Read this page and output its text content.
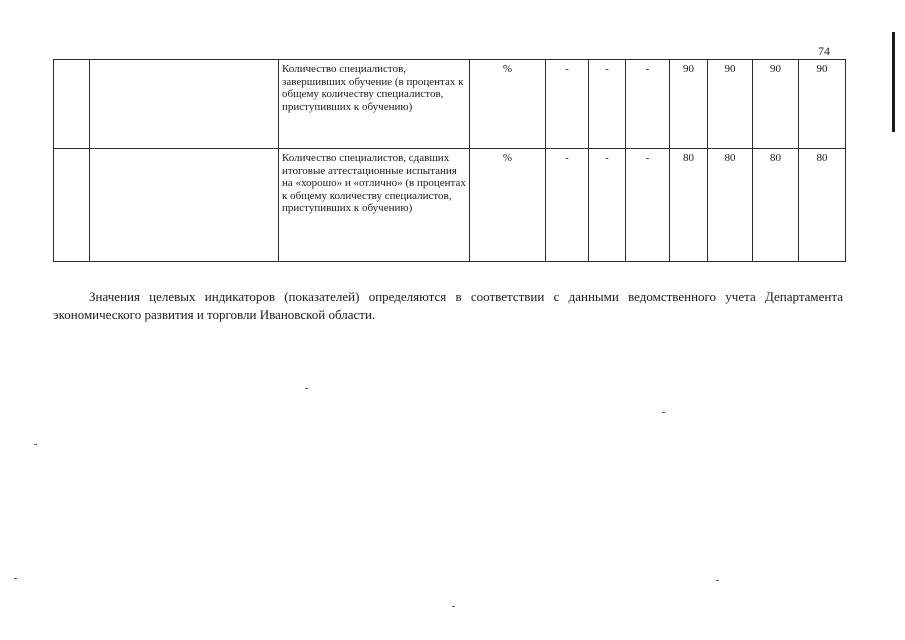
74
		Количество специалистов, завершивших обучение (в процентах к общему количеству специалистов, приступивших к обучению)	%	-	-	-	90	90	90	90
		Количество специалистов, сдавших итоговые аттестационные испытания на «хорошо» и «отлично» (в процентах к общему количеству специалистов, приступивших к обучению)	%	-	-	-	80	80	80	80

Значения целевых индикаторов (показателей) определяются в соответствии с данными ведомственного учета Департамента экономического развития и торговли Ивановской области.
